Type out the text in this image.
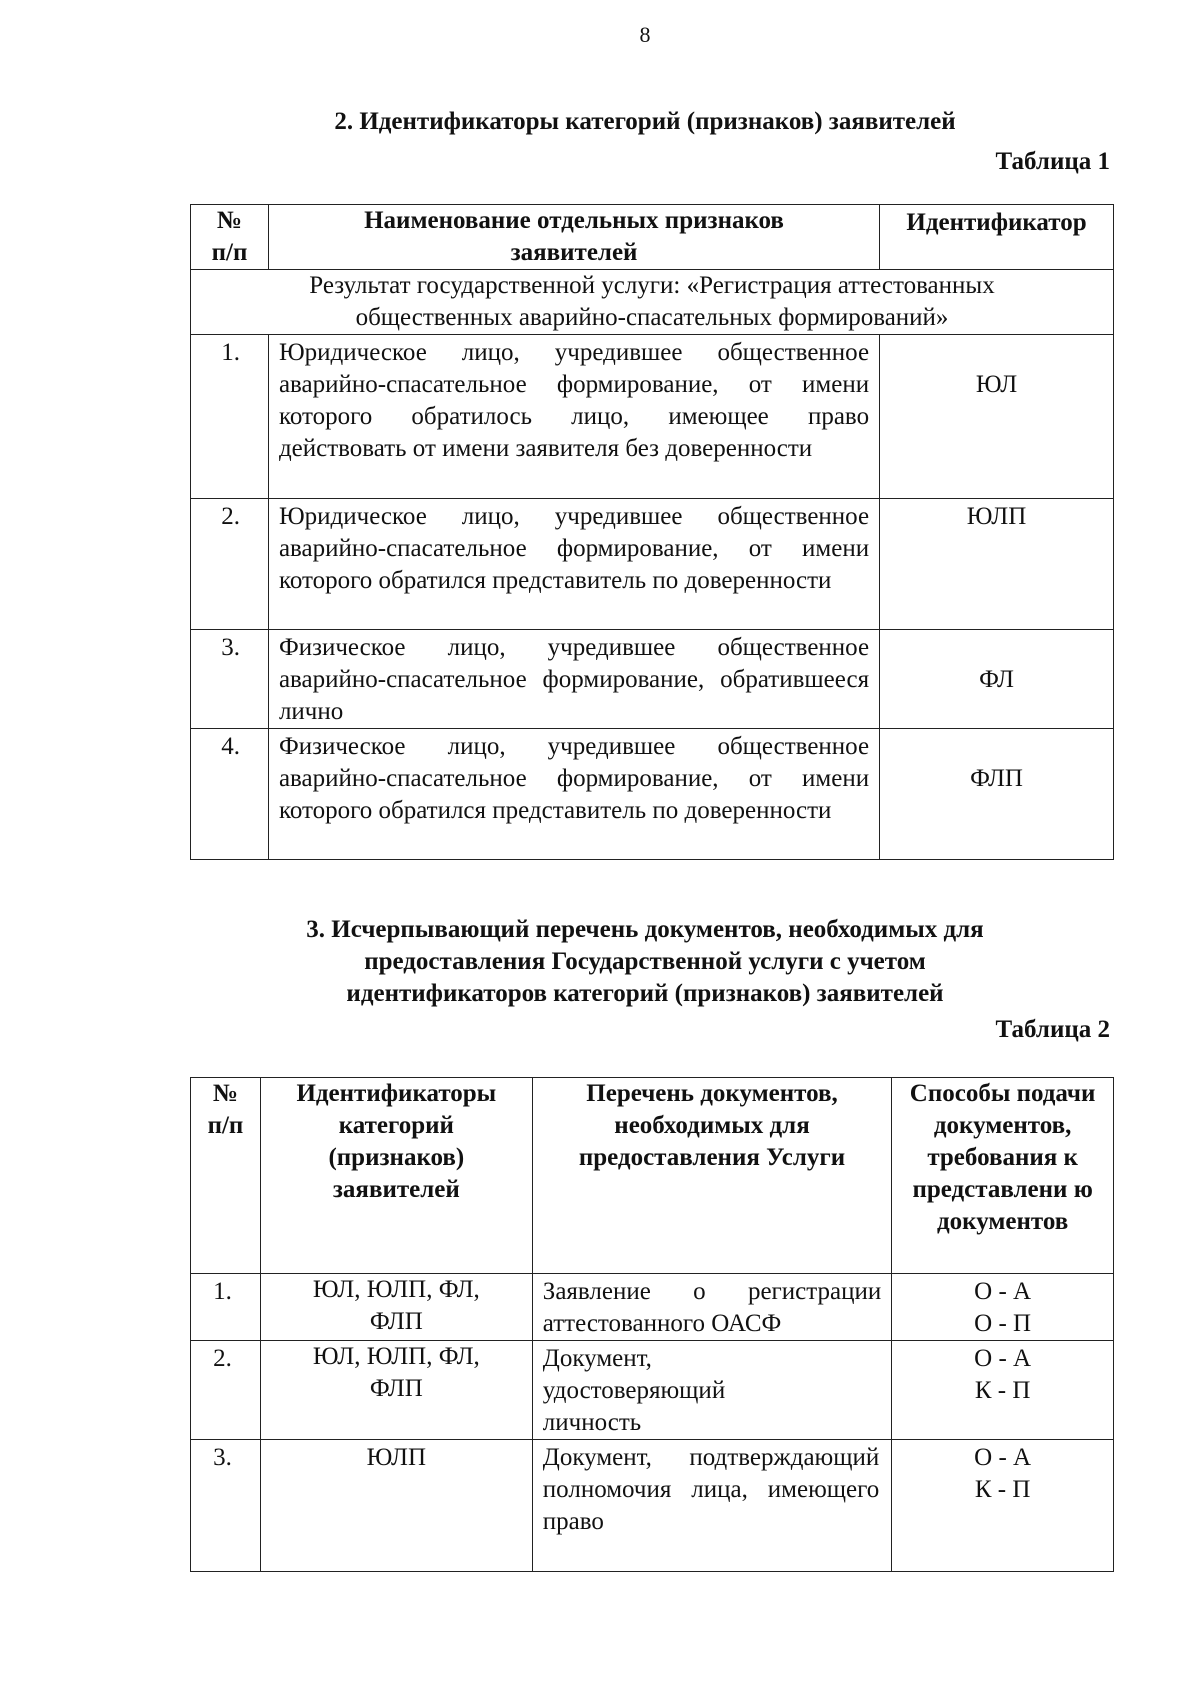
8
2. Идентификаторы категорий (признаков) заявителей
Таблица 1
№ п/п	Наименование отдельных признаков заявителей	Идентификатор
Результат государственной услуги: «Регистрация аттестованных общественных аварийно-спасательных формирований»		
1.	Юридическое лицо, учредившее общественное аварийно-спасательное формирование, от имени которого обратилось лицо, имеющее право действовать от имени заявителя без доверенности	ЮЛ
2.	Юридическое лицо, учредившее общественное аварийно-спасательное формирование, от имени которого обратился представитель по доверенности	ЮЛП
3.	Физическое лицо, учредившее общественное аварийно-спасательное формирование, обратившееся лично	ФЛ
4.	Физическое лицо, учредившее общественное аварийно-спасательное формирование, от имени которого обратился представитель по доверенности	ФЛП
3. Исчерпывающий перечень документов, необходимых для
предоставления Государственной услуги с учетом
идентификаторов категорий (признаков) заявителей
Таблица 2
№ п/п	Идентификаторы категорий (признаков) заявителей	Перечень документов, необходимых для предоставления Услуги	Способы подачи документов, требования к представлени ю документов
1.	ЮЛ, ЮЛП, ФЛ, ФЛП	Заявление о регистрации аттестованного ОАСФ	О - А
О - П

2.	ЮЛ, ЮЛП, ФЛ, ФЛП	Документ, удостоверяющий личность	О - А
К - П

3.	ЮЛП	Документ, подтверждающий полномочия лица, имеющего право	О - А
К - П
